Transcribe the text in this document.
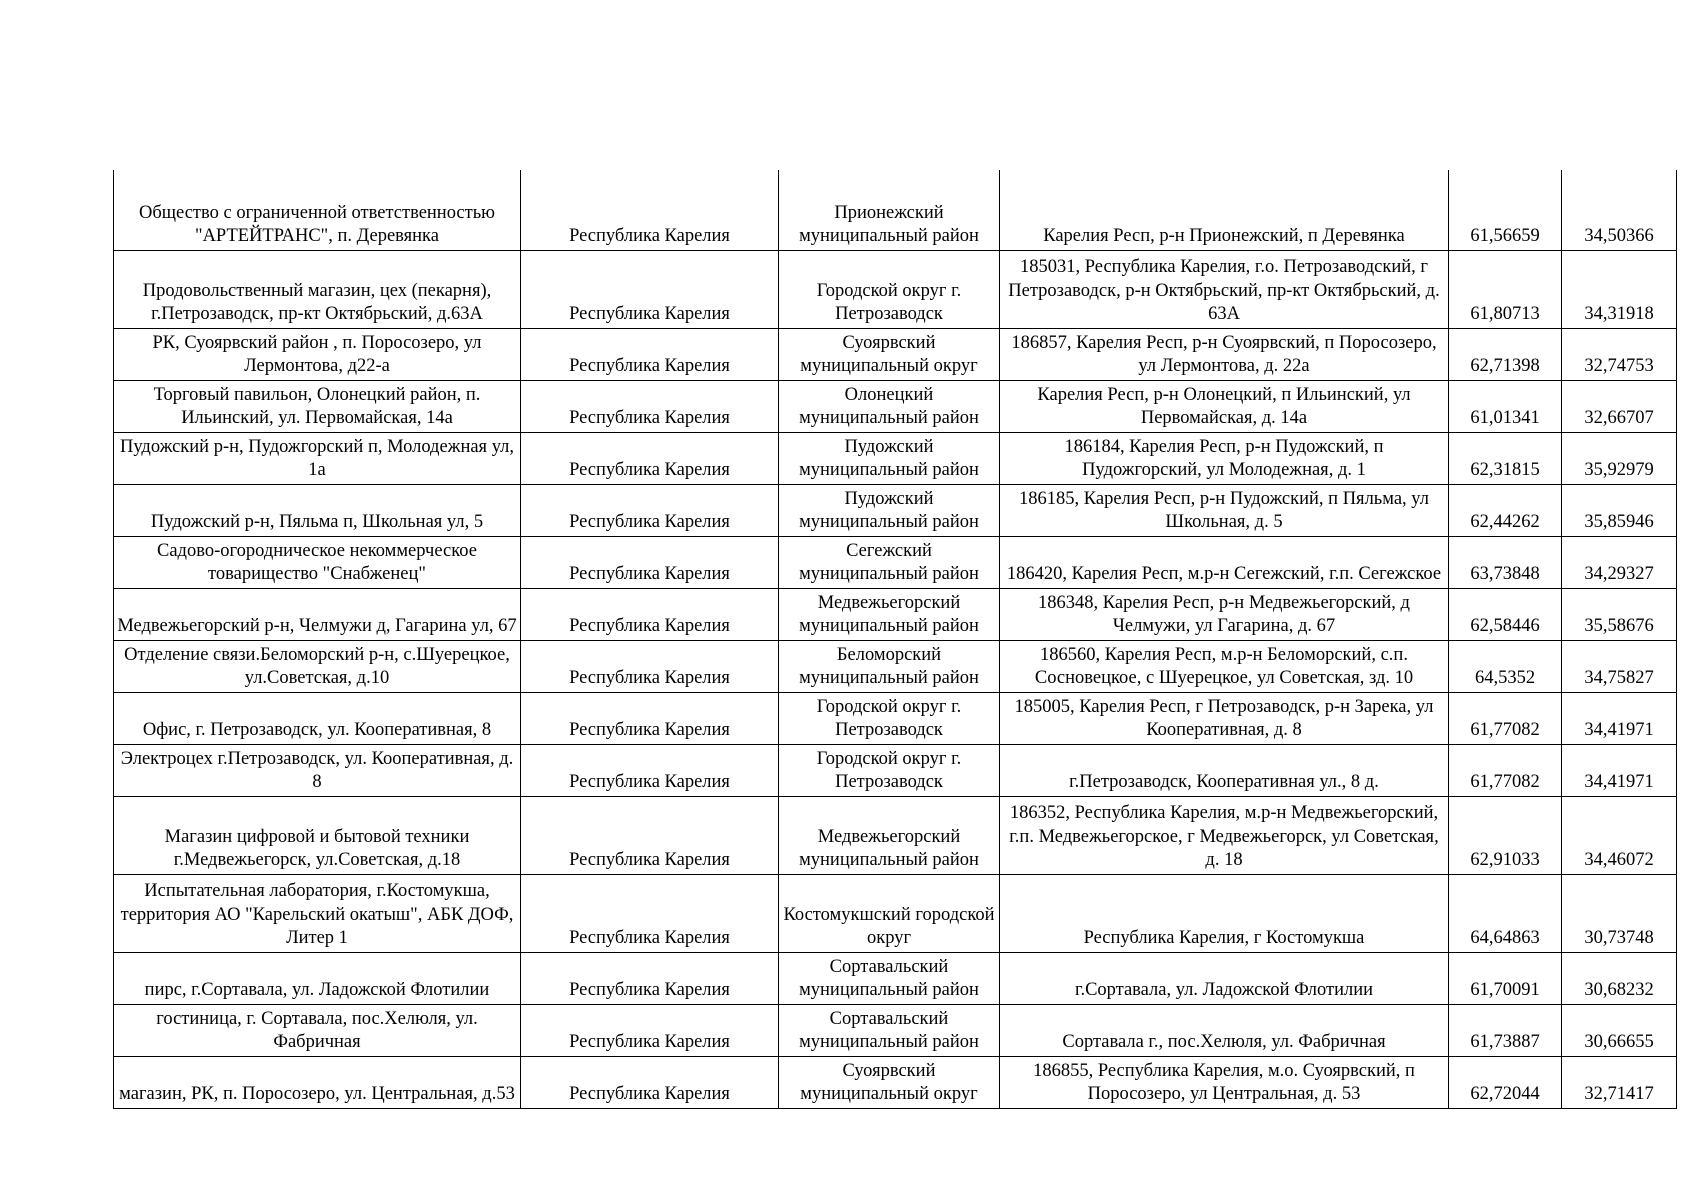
Общество с ограниченной ответственностью "АРТЕЙТРАНС", п. Деревянка	Республика Карелия	Прионежский муниципальный район	Карелия Респ, р-н Прионежский, п Деревянка	61,56659	34,50366
Продовольственный магазин, цех (пекарня), г.Петрозаводск, пр-кт Октябрьский, д.63А	Республика Карелия	Городской округ г. Петрозаводск	185031, Республика Карелия, г.о. Петрозаводский, г Петрозаводск, р-н Октябрьский, пр-кт Октябрьский, д. 63А	61,80713	34,31918
РК, Суоярвский район , п. Поросозеро, ул Лермонтова, д22-а	Республика Карелия	Суоярвский муниципальный округ	186857, Карелия Респ, р-н Суоярвский, п Поросозеро, ул Лермонтова, д. 22а	62,71398	32,74753
Торговый павильон, Олонецкий район, п. Ильинский, ул. Первомайская, 14а	Республика Карелия	Олонецкий муниципальный район	Карелия Респ, р-н Олонецкий, п Ильинский, ул Первомайская, д. 14а	61,01341	32,66707
Пудожский р-н, Пудожгорский п, Молодежная ул, 1а	Республика Карелия	Пудожский муниципальный район	186184, Карелия Респ, р-н Пудожский, п Пудожгорский, ул Молодежная, д. 1	62,31815	35,92979
Пудожский р-н, Пяльма п, Школьная ул, 5	Республика Карелия	Пудожский муниципальный район	186185, Карелия Респ, р-н Пудожский, п Пяльма, ул Школьная, д. 5	62,44262	35,85946
Садово-огородническое некоммерческое товарищество "Снабженец"	Республика Карелия	Сегежский муниципальный район	186420, Карелия Респ, м.р-н Сегежский, г.п. Сегежское	63,73848	34,29327
Медвежьегорский р-н, Челмужи д, Гагарина ул, 67	Республика Карелия	Медвежьегорский муниципальный район	186348, Карелия Респ, р-н Медвежьегорский, д Челмужи, ул Гагарина, д. 67	62,58446	35,58676
Отделение связи.Беломорский р-н, с.Шуерецкое, ул.Советская, д.10	Республика Карелия	Беломорский муниципальный район	186560, Карелия Респ, м.р-н Беломорский, с.п. Сосновецкое, с Шуерецкое, ул Советская, зд. 10	64,5352	34,75827
Офис, г. Петрозаводск, ул. Кооперативная, 8	Республика Карелия	Городской округ г. Петрозаводск	185005, Карелия Респ, г Петрозаводск, р-н Зарека, ул Кооперативная, д. 8	61,77082	34,41971
Электроцех г.Петрозаводск, ул. Кооперативная, д. 8	Республика Карелия	Городской округ г. Петрозаводск	г.Петрозаводск, Кооперативная ул., 8 д.	61,77082	34,41971
Магазин цифровой и бытовой техники г.Медвежьегорск, ул.Советская, д.18	Республика Карелия	Медвежьегорский муниципальный район	186352, Республика Карелия, м.р-н Медвежьегорский, г.п. Медвежьегорское, г Медвежьегорск, ул Советская, д. 18	62,91033	34,46072
Испытательная лаборатория, г.Костомукша, территория АО "Карельский окатыш", АБК ДОФ, Литер 1	Республика Карелия	Костомукшский городской округ	Республика Карелия, г Костомукша	64,64863	30,73748
пирс, г.Сортавала, ул. Ладожской Флотилии	Республика Карелия	Сортавальский муниципальный район	г.Сортавала, ул. Ладожской Флотилии	61,70091	30,68232
гостиница, г. Сортавала, пос.Хелюля, ул. Фабричная	Республика Карелия	Сортавальский муниципальный район	Сортавала г., пос.Хелюля, ул. Фабричная	61,73887	30,66655
магазин, РК, п. Поросозеро, ул. Центральная, д.53	Республика Карелия	Суоярвский муниципальный округ	186855, Республика Карелия, м.о. Суоярвский, п Поросозеро, ул Центральная, д. 53	62,72044	32,71417
